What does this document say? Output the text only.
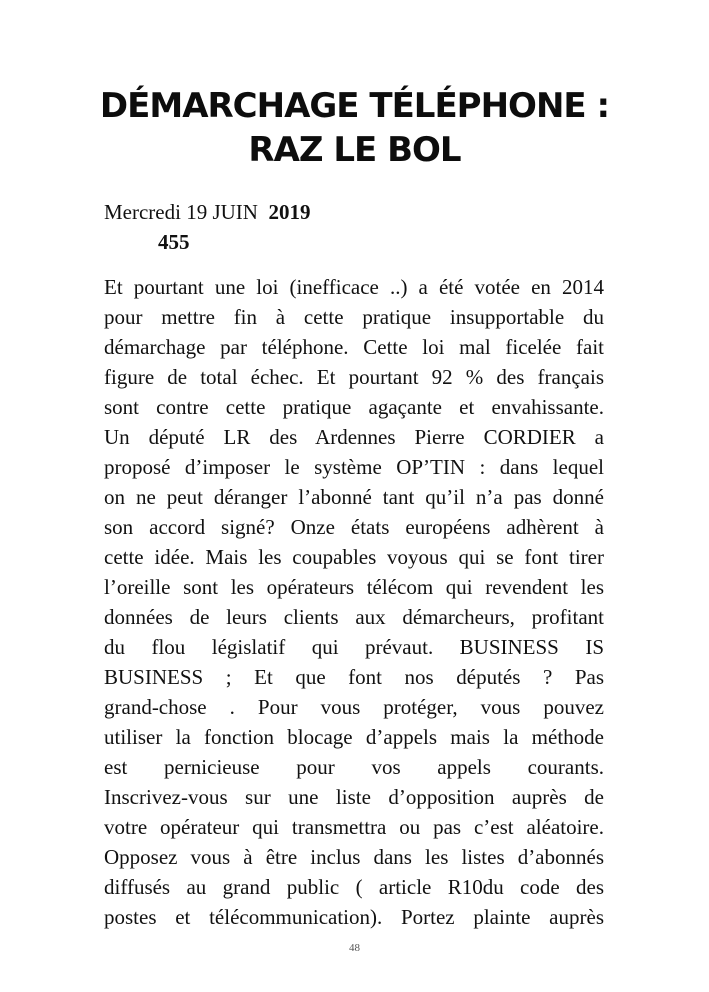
DÉMARCHAGE TÉLÉPHONE :
RAZ LE BOL
Mercredi 19 JUIN  2019
455
Et pourtant une loi (inefficace ..) a été votée en 2014
pour mettre fin à cette pratique insupportable du
démarchage par téléphone. Cette loi mal ficelée fait
figure de total échec. Et pourtant 92 % des français
sont contre cette pratique agaçante et envahissante.
Un député LR des Ardennes Pierre CORDIER a
proposé d’imposer le système OP’TIN : dans lequel
on ne peut déranger l’abonné tant qu’il n’a pas donné
son accord signé? Onze états européens adhèrent à
cette idée. Mais les coupables voyous qui se font tirer
l’oreille sont les opérateurs télécom qui revendent les
données de leurs clients aux démarcheurs, profitant
du flou législatif qui prévaut. BUSINESS IS
BUSINESS ; Et que font nos députés ? Pas
grand-chose . Pour vous protéger, vous pouvez
utiliser la fonction blocage d’appels mais la méthode
est pernicieuse pour vos appels courants.
Inscrivez-vous sur une liste d’opposition auprès de
votre opérateur qui transmettra ou pas c’est aléatoire.
Opposez vous à être inclus dans les listes d’abonnés
diffusés au grand public ( article R10du code des
postes et télécommunication). Portez plainte auprès
48
